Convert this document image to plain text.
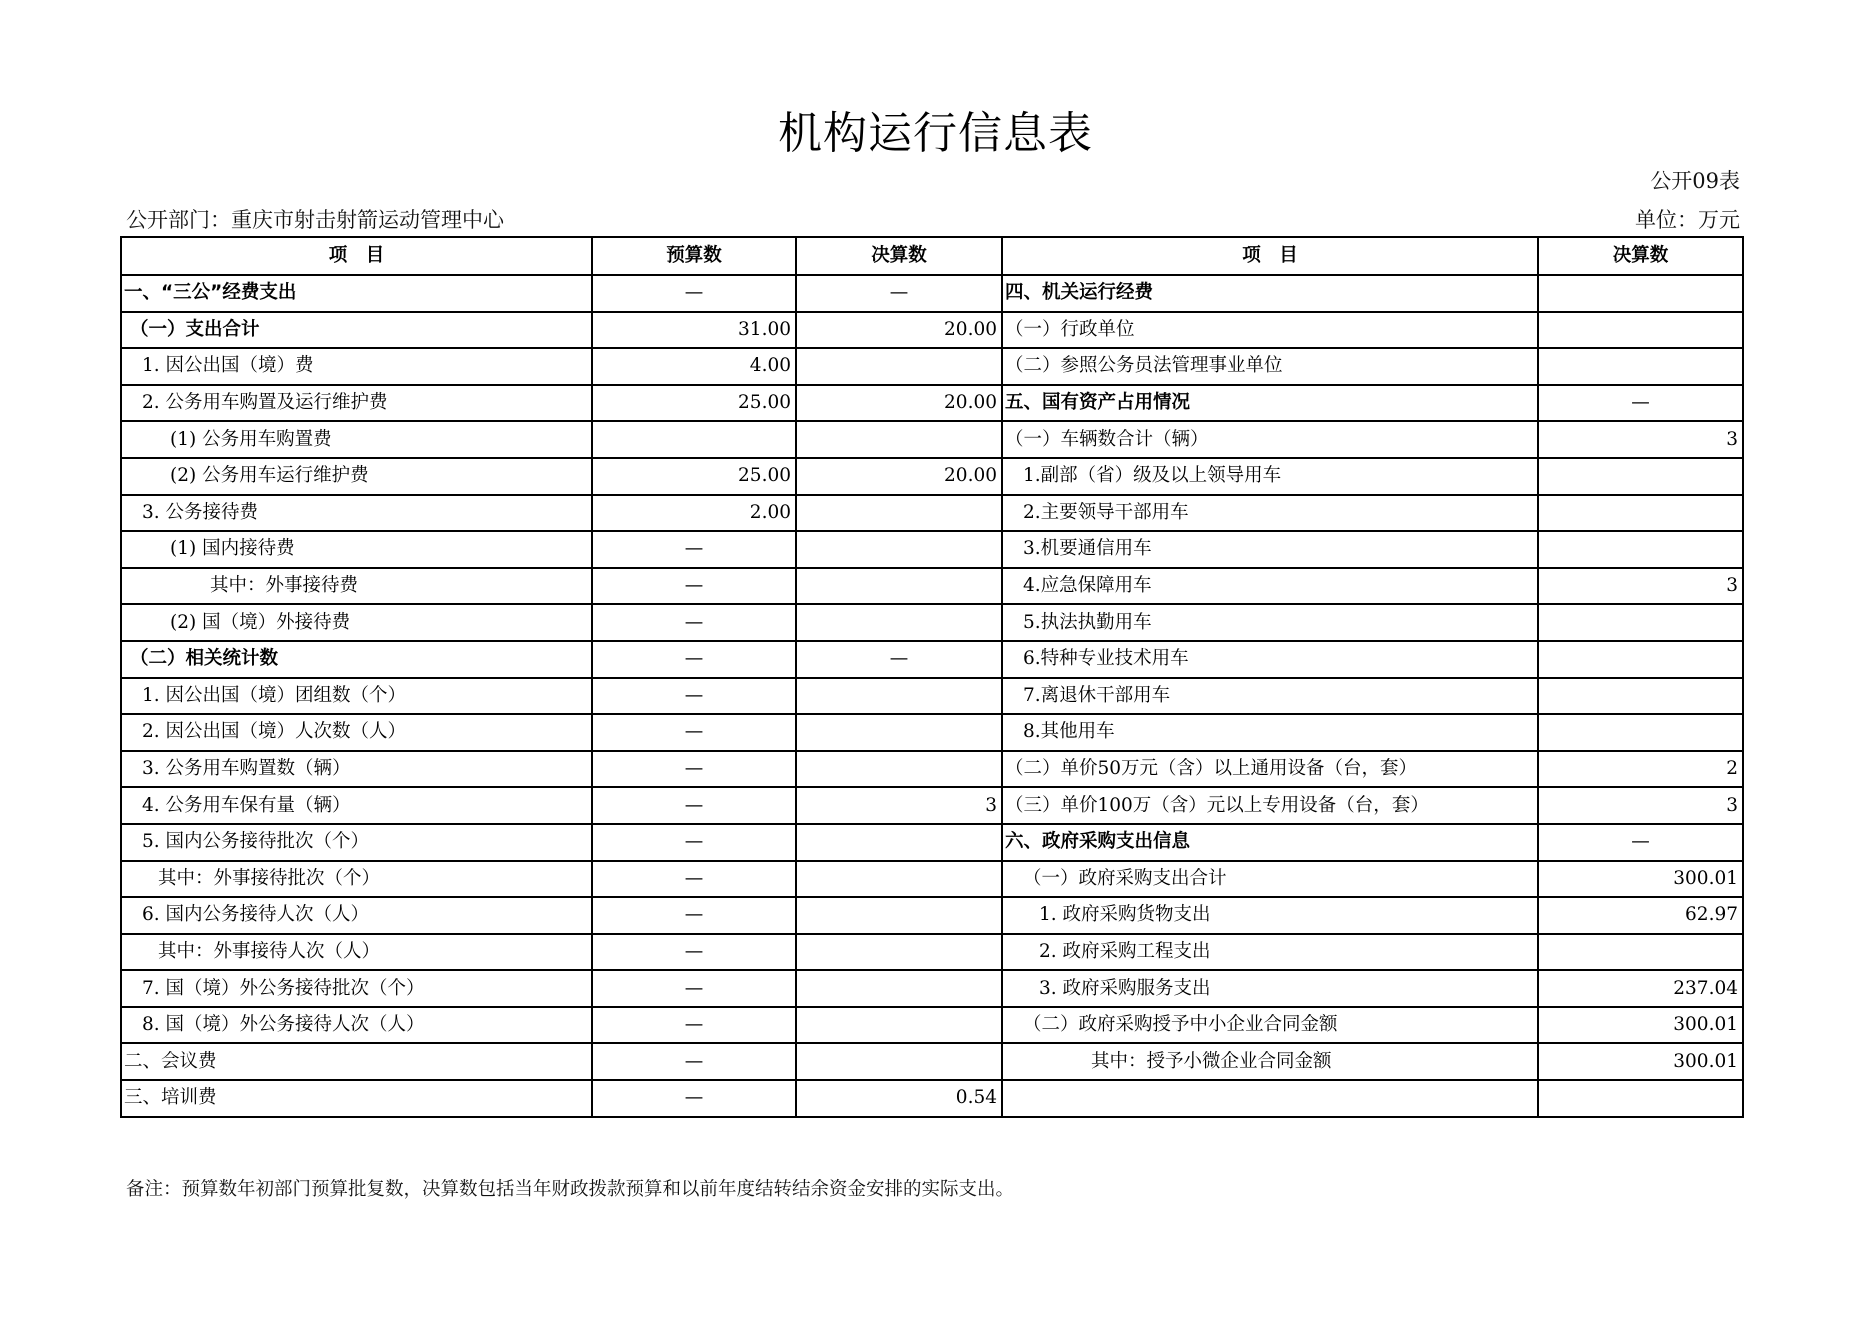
机构运行信息表
公开09表
公开部门：重庆市射击射箭运动管理中心	单位：万元
项　目	预算数	决算数	项　目	决算数
一、“三公”经费支出	—	—	四、机关运行经费	
（一）支出合计	31.00	20.00	（一）行政单位	
1. 因公出国（境）费	4.00		（二）参照公务员法管理事业单位	
2. 公务用车购置及运行维护费	25.00	20.00	五、国有资产占用情况	—
(1) 公务用车购置费			（一）车辆数合计（辆）	3
(2) 公务用车运行维护费	25.00	20.00	1.副部（省）级及以上领导用车	
3. 公务接待费	2.00		2.主要领导干部用车	
(1) 国内接待费	—		3.机要通信用车	
其中：外事接待费	—		4.应急保障用车	3
(2) 国（境）外接待费	—		5.执法执勤用车	
（二）相关统计数	—	—	6.特种专业技术用车	
1. 因公出国（境）团组数（个）	—		7.离退休干部用车	
2. 因公出国（境）人次数（人）	—		8.其他用车	
3. 公务用车购置数（辆）	—		（二）单价50万元（含）以上通用设备（台，套）	2
4. 公务用车保有量（辆）	—	3	（三）单价100万（含）元以上专用设备（台，套）	3
5. 国内公务接待批次（个）	—		六、政府采购支出信息	—
其中：外事接待批次（个）	—		（一）政府采购支出合计	300.01
6. 国内公务接待人次（人）	—		1. 政府采购货物支出	62.97
其中：外事接待人次（人）	—		2. 政府采购工程支出	
7. 国（境）外公务接待批次（个）	—		3. 政府采购服务支出	237.04
8. 国（境）外公务接待人次（人）	—		（二）政府采购授予中小企业合同金额	300.01
二、会议费	—		其中：授予小微企业合同金额	300.01
三、培训费	—	0.54		
备注：预算数年初部门预算批复数，决算数包括当年财政拨款预算和以前年度结转结余资金安排的实际支出。
